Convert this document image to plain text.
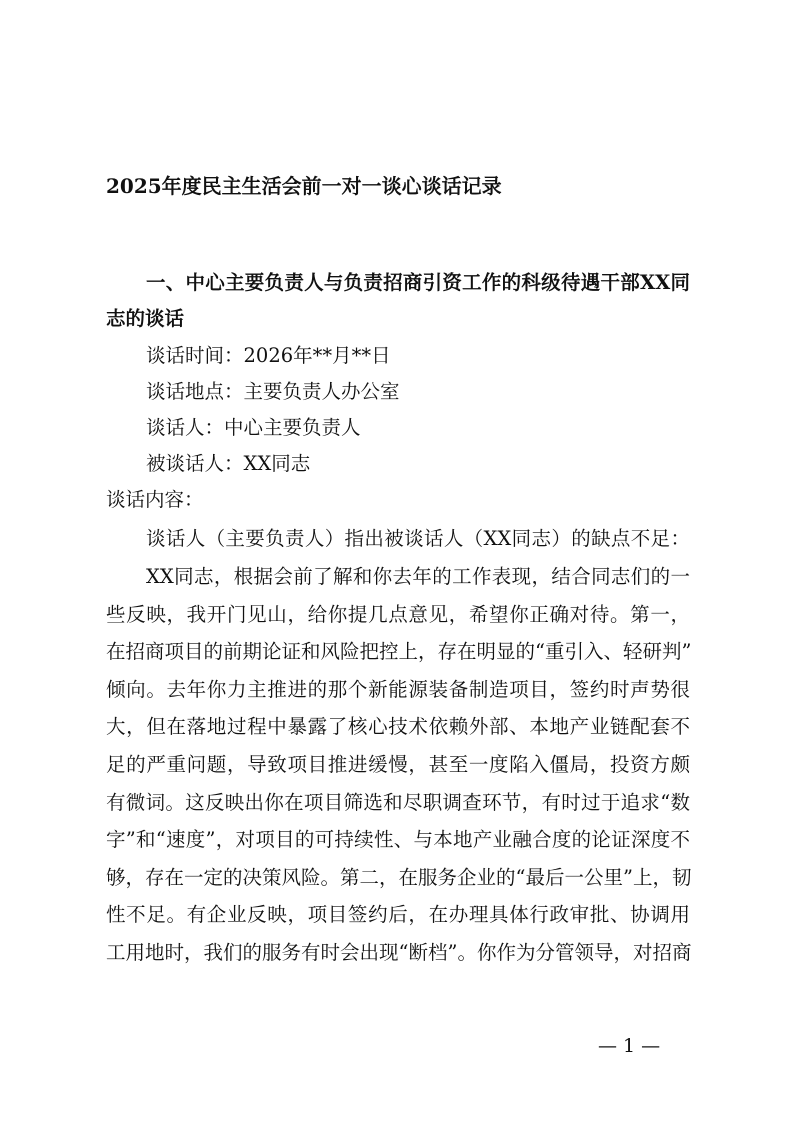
2025年度民主生活会前一对一谈心谈话记录
一、中心主要负责人与负责招商引资工作的科级待遇干部XX同
志的谈话
谈话时间：2026年**月**日
谈话地点：主要负责人办公室
谈话人：中心主要负责人
被谈话人：XX同志
谈话内容：
谈话人（主要负责人）指出被谈话人（XX同志）的缺点不足：
XX同志，根据会前了解和你去年的工作表现，结合同志们的一
些反映，我开门见山，给你提几点意见，希望你正确对待。第一，
在招商项目的前期论证和风险把控上，存在明显的“重引入、轻研判”
倾向。去年你力主推进的那个新能源装备制造项目，签约时声势很
大，但在落地过程中暴露了核心技术依赖外部、本地产业链配套不
足的严重问题，导致项目推进缓慢，甚至一度陷入僵局，投资方颇
有微词。这反映出你在项目筛选和尽职调查环节，有时过于追求“数
字”和“速度”，对项目的可持续性、与本地产业融合度的论证深度不
够，存在一定的决策风险。第二，在服务企业的“最后一公里”上，韧
性不足。有企业反映，项目签约后，在办理具体行政审批、协调用
工用地时，我们的服务有时会出现“断档”。你作为分管领导，对招商
— 1 —
